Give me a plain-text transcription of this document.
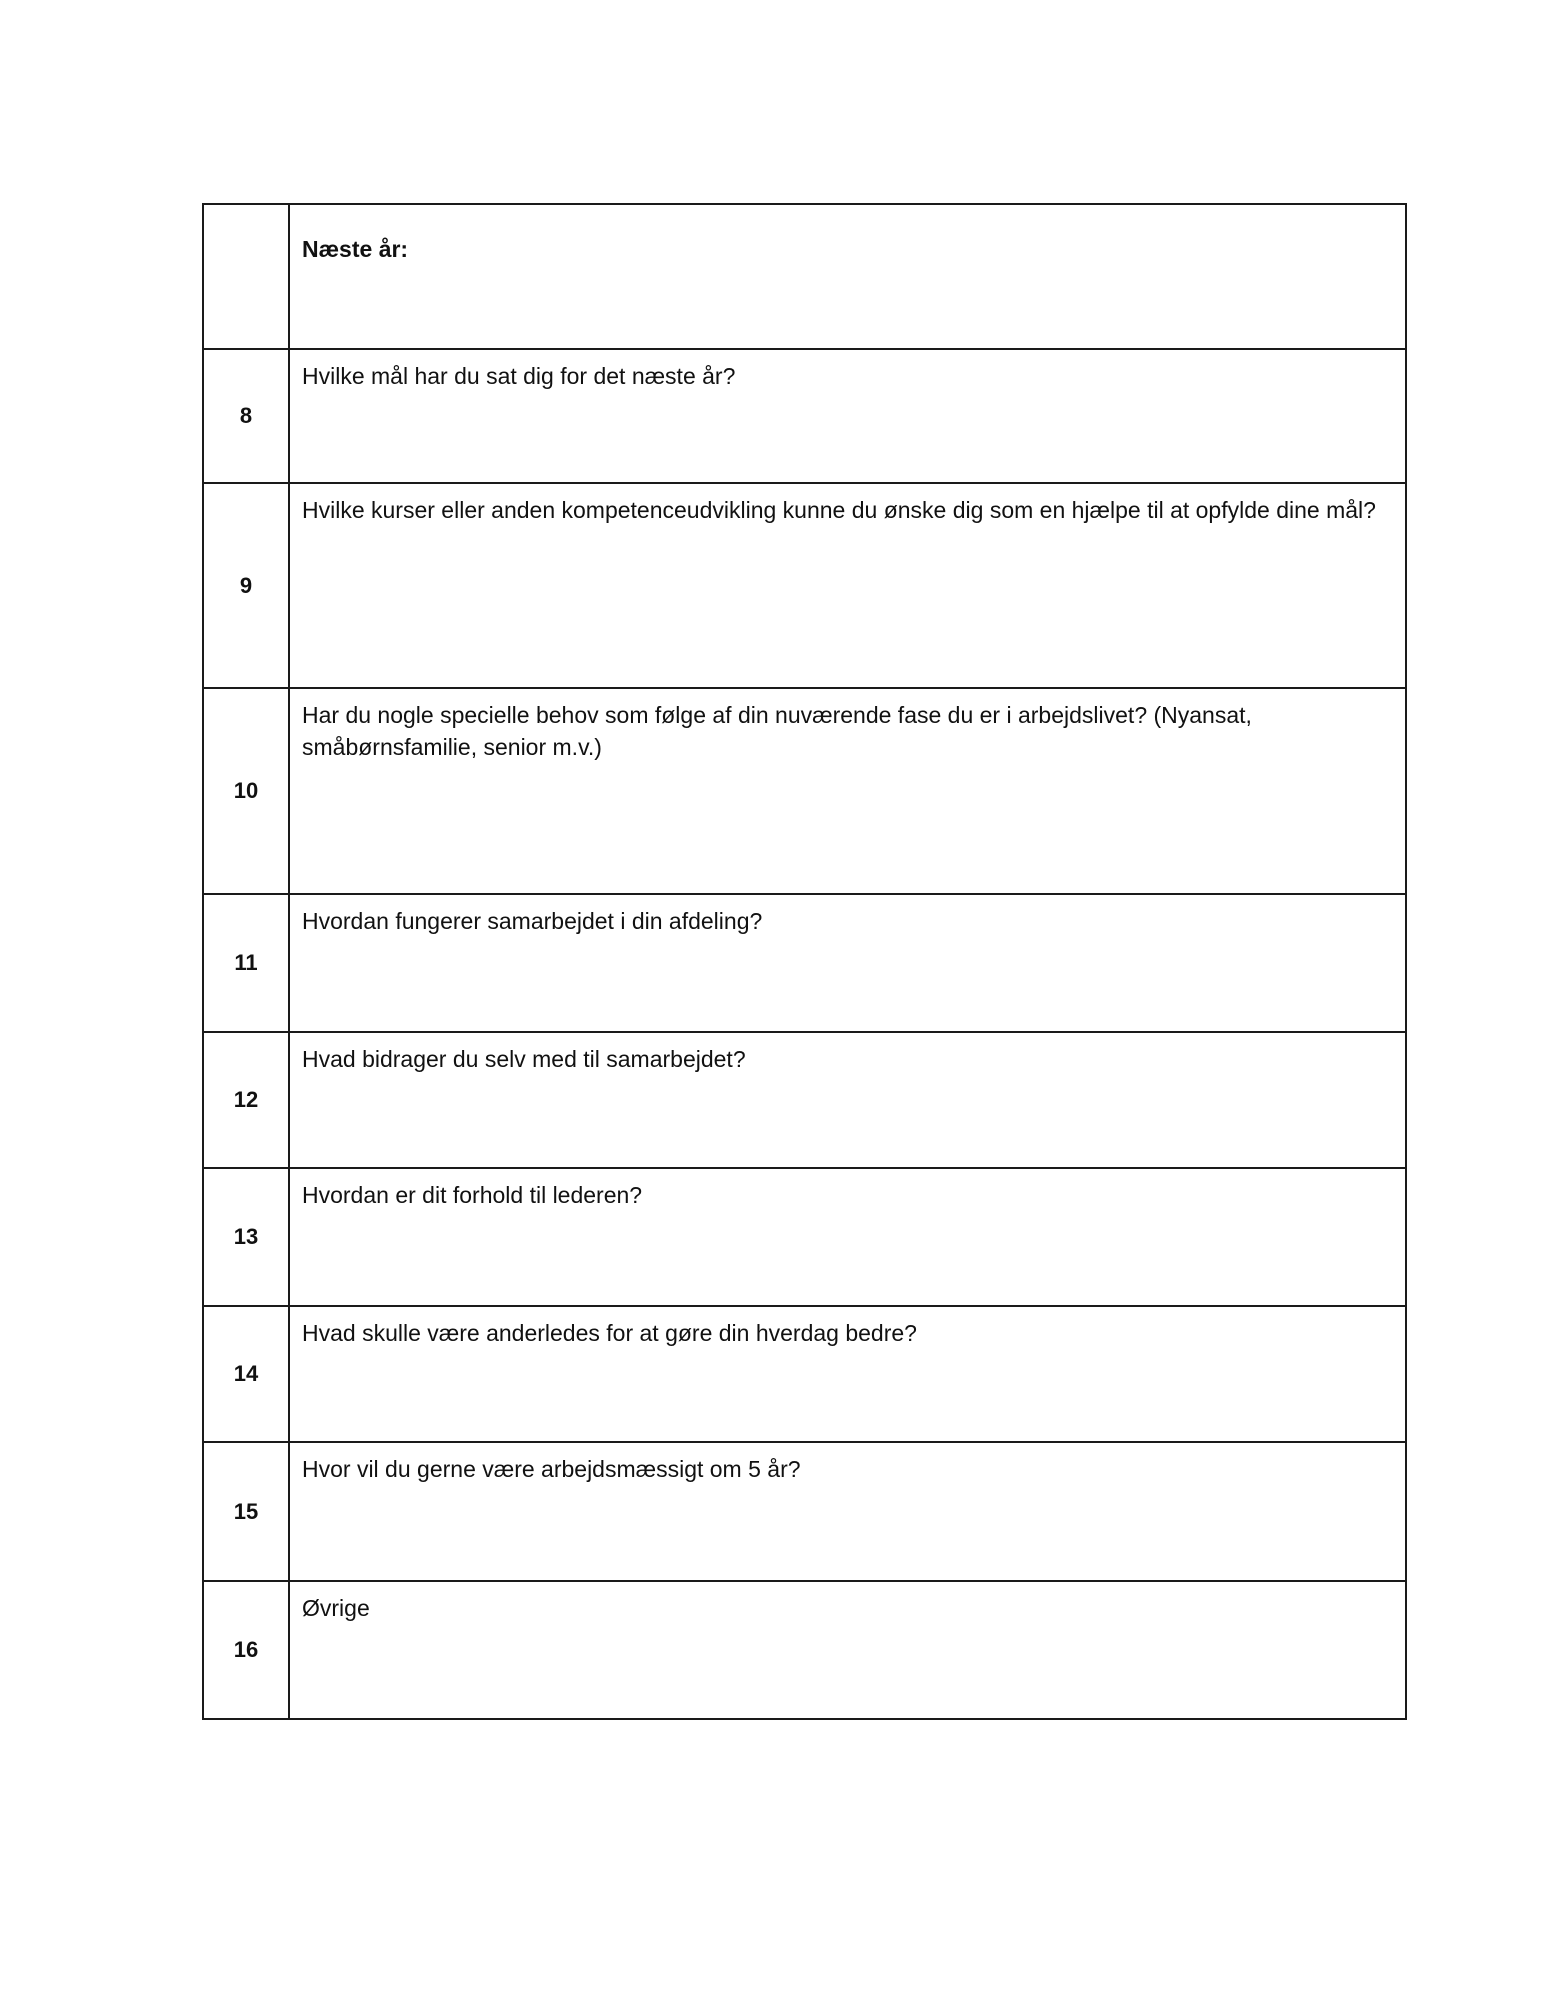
	Næste år:
8	Hvilke mål har du sat dig for det næste år?
9	Hvilke kurser eller anden kompetenceudvikling kunne du ønske dig som en hjælpe til at opfylde dine mål?
10	Har du nogle specielle behov som følge af din nuværende fase du er i arbejdslivet? (Nyansat, småbørnsfamilie, senior m.v.)
11	Hvordan fungerer samarbejdet i din afdeling?
12	Hvad bidrager du selv med til samarbejdet?
13	Hvordan er dit forhold til lederen?
14	Hvad skulle være anderledes for at gøre din hverdag bedre?
15	Hvor vil du gerne være arbejdsmæssigt om 5 år?
16	Øvrige
